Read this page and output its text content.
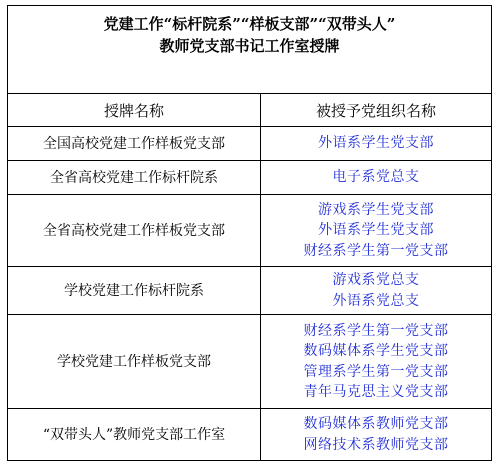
党建工作“标杆院系”“样板支部”“双带头人”
教师党支部书记工作室授牌	

授牌名称	被授予党组织名称
全国高校党建工作样板党支部	外语系学生党支部

全省高校党建工作标杆院系	电子系党总支

全省高校党建工作样板党支部	游戏系学生党支部
外语系学生党支部
财经系学生第一党支部

学校党建工作标杆院系	游戏系党总支
外语系党总支

学校党建工作样板党支部	财经系学生第一党支部
数码媒体系学生党支部
管理系学生第一党支部
青年马克思主义党支部

“双带头人”教师党支部工作室	数码媒体系教师党支部
网络技术系教师党支部
